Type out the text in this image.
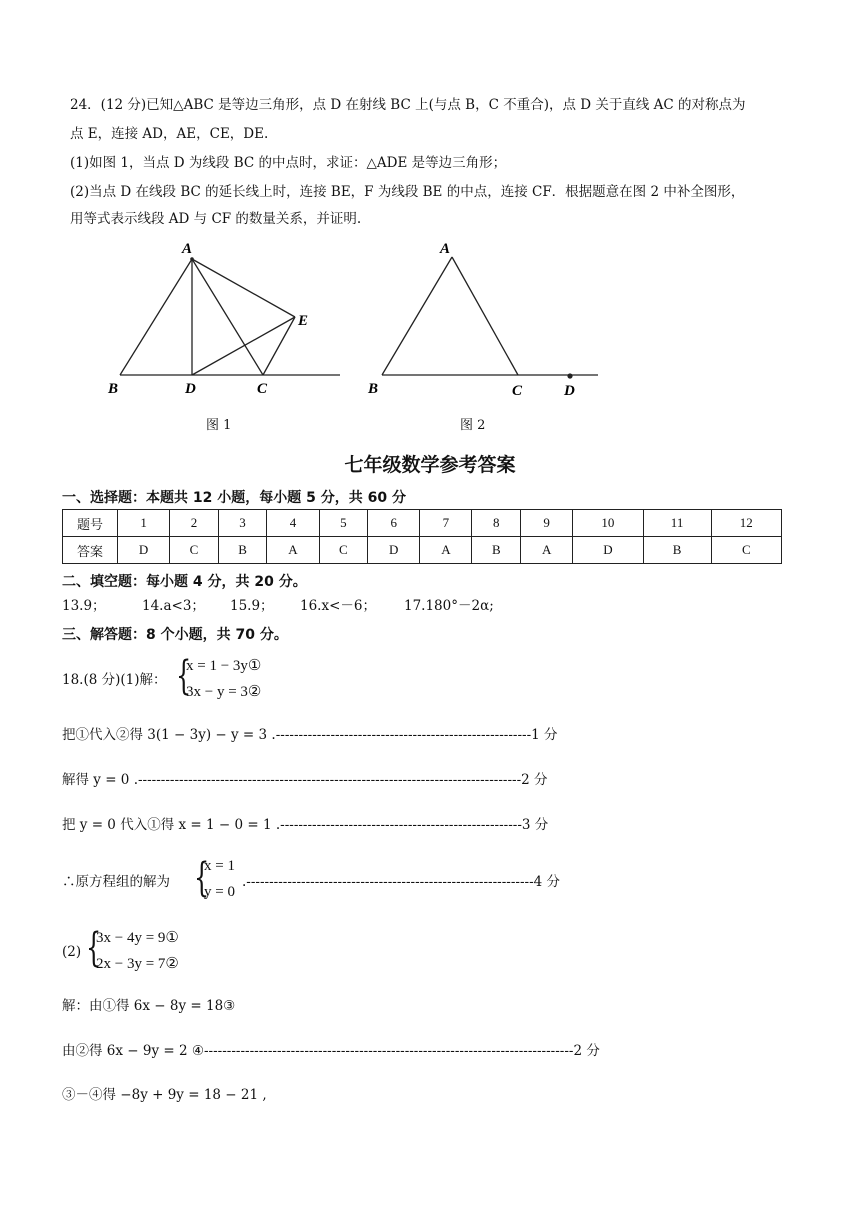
24．(12 分)已知△ABC 是等边三角形，点 D 在射线 BC 上(与点 B，C 不重合)，点 D 关于直线 AC 的对称点为
点 E，连接 AD，AE，CE，DE.
(1)如图 1，当点 D 为线段 BC 的中点时，求证：△ADE 是等边三角形；
(2)当点 D 在线段 BC 的延长线上时，连接 BE，F 为线段 BE 的中点，连接 CF．根据题意在图 2 中补全图形，
用等式表示线段 AD 与 CF 的数量关系，并证明.
A
B	D	C
E
图 1
A
B	C	D
图 2
七年级数学参考答案
一、选择题：本题共 12 小题，每小题 5 分，共 60 分
题号	1	2	3	4	5	6	7	8	9	10	11	12
答案	D	C	B	A	C	D	A	B	A	D	B	C
二、填空题：每小题 4 分，共 20 分。
13.9；	14.a<3； 15.9； 16.x<－6； 17.180°－2α;
三、解答题：8 个小题，共 70 分。
18.(8 分)(1)解： {
x = 1 − 3y①
3x − y = 3②
把①代入②得 3(1 − 3y) − y = 3 .--------------------------------------------------------1 分
解得 y = 0 .------------------------------------------------------------------------------------2 分
把 y = 0 代入①得 x = 1 − 0 = 1 .-----------------------------------------------------3 分
∴原方程组的解为 {
x = 1
y = 0
.---------------------------------------------------------------4 分
(2) {
3x − 4y = 9①
2x − 3y = 7②
解：由①得 6x − 8y = 18③
由②得 6x − 9y = 2 ④---------------------------------------------------------------------------------2 分
③－④得 −8y + 9y = 18 − 21 ,
